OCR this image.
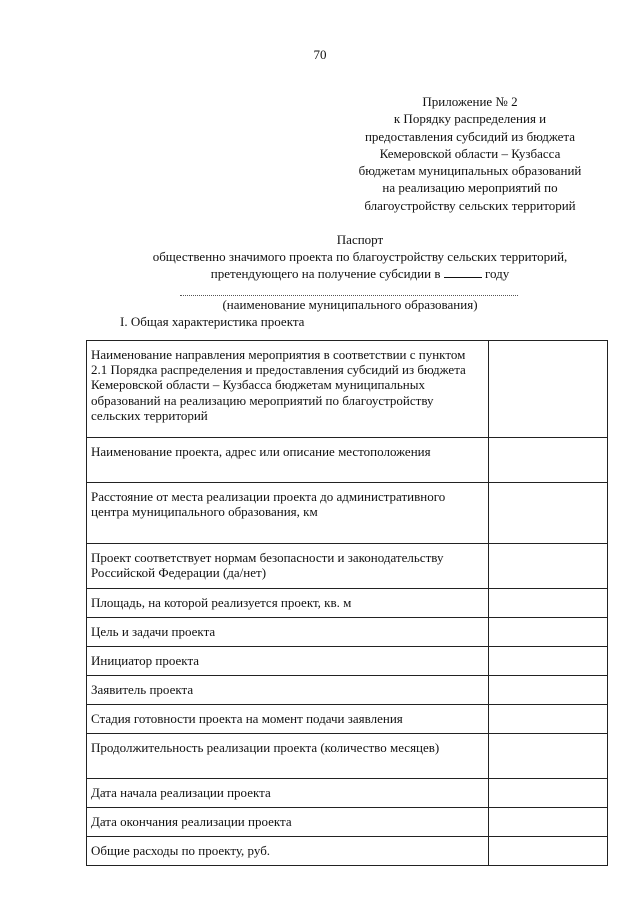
70
Приложение № 2
к Порядку распределения и
предоставления субсидий из бюджета
Кемеровской области – Кузбасса
бюджетам муниципальных образований
на реализацию мероприятий по
благоустройству сельских территорий
Паспорт
общественно значимого проекта по благоустройству сельских территорий,
претендующего на получение субсидии в	году
(наименование муниципального образования)
I. Общая характеристика проекта
Наименование направления мероприятия в соответствии с пунктом 2.1 Порядка распределения и предоставления субсидий из бюджета Кемеровской области – Кузбасса бюджетам муниципальных образований на реализацию мероприятий по благоустройству сельских территорий	
Наименование проекта, адрес или описание местоположения	
Расстояние от места реализации проекта до административного центра муниципального образования, км	
Проект соответствует нормам безопасности и законодательству Российской Федерации (да/нет)	
Площадь, на которой реализуется проект, кв. м	
Цель и задачи проекта	
Инициатор проекта	
Заявитель проекта	
Стадия готовности проекта на момент подачи заявления	
Продолжительность реализации проекта (количество месяцев)	
Дата начала реализации проекта	
Дата окончания реализации проекта	
Общие расходы по проекту, руб.	
